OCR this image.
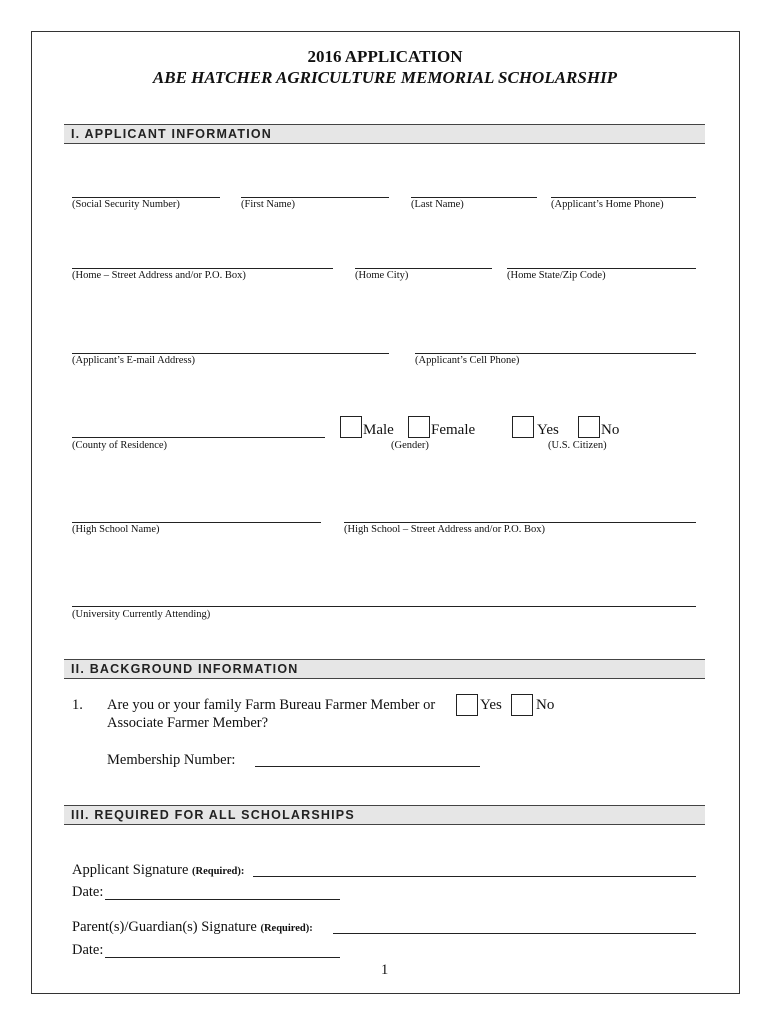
2016 APPLICATION
ABE HATCHER AGRICULTURE MEMORIAL SCHOLARSHIP
I. APPLICANT INFORMATION
(Social Security Number)	(First Name)	(Last Name)	(Applicant’s Home Phone)
(Home – Street Address and/or P.O. Box)	(Home City)	(Home State/Zip Code)
(Applicant’s E-mail Address)	(Applicant’s Cell Phone)
(County of Residence)
Male Female
(Gender)
Yes	No
(U.S. Citizen)
(High School Name)	(High School – Street Address and/or P.O. Box)
(University Currently Attending)
II. BACKGROUND INFORMATION
1. Are you or your family Farm Bureau Farmer Member or
Associate Farmer Member?
Yes No
Membership Number:
III. REQUIRED FOR ALL SCHOLARSHIPS
Applicant Signature (Required):
Date:
Parent(s)/Guardian(s) Signature (Required):
Date:
1
